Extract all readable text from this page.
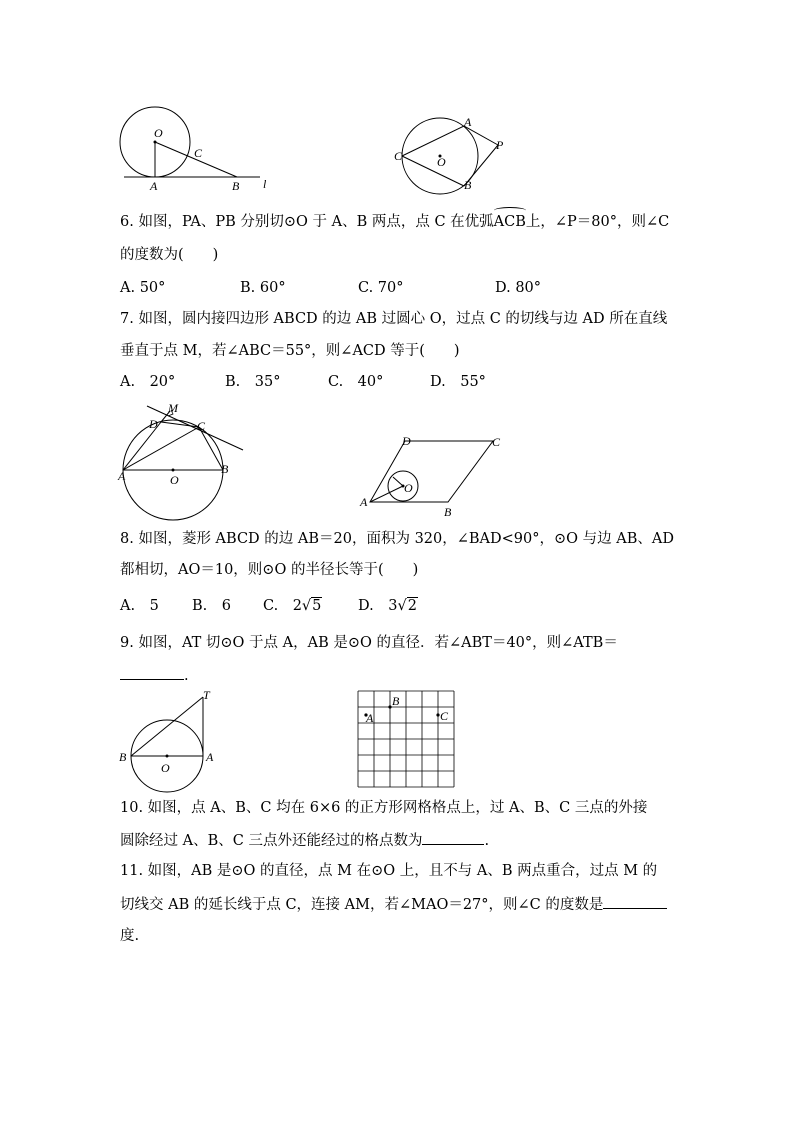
O
C
A	B l
A
B
C	O
P
6. 如图，PA、PB 分别切⊙O 于 A、B 两点，点 C 在优弧
ACB上，∠P＝80°，则∠C
的度数为(　　)
A. 50°	B. 60°	C. 70°	D. 80°
7. 如图，圆内接四边形 ABCD 的边 AB 过圆心 O，过点 C 的切线与边 AD 所在直线
垂直于点 M，若∠ABC＝55°，则∠ACD 等于(　　)
A.　20°	B.　35°	C.　40°	D.　55°
M
D	C
A	O
B
D	C
A
O
B
8. 如图，菱形 ABCD 的边 AB＝20，面积为 320，∠BAD<90°，⊙O 与边 AB、AD
都相切，AO＝10，则⊙O 的半径长等于(　　)
A.　5 B.　6 C.　2√5	D.　3√2
9. 如图，AT 切⊙O 于点 A，AB 是⊙O 的直径．若∠ABT＝40°，则∠ATB＝
.
T
B
O
A
A
B
C
10. 如图，点 A、B、C 均在 6×6 的正方形网格格点上，过 A、B、C 三点的外接
圆除经过 A、B、C 三点外还能经过的格点数为	.
11. 如图，AB 是⊙O 的直径，点 M 在⊙O 上，且不与 A、B 两点重合，过点 M 的
切线交 AB 的延长线于点 C，连接 AM，若∠MAO＝27°，则∠C 的度数是
度.
